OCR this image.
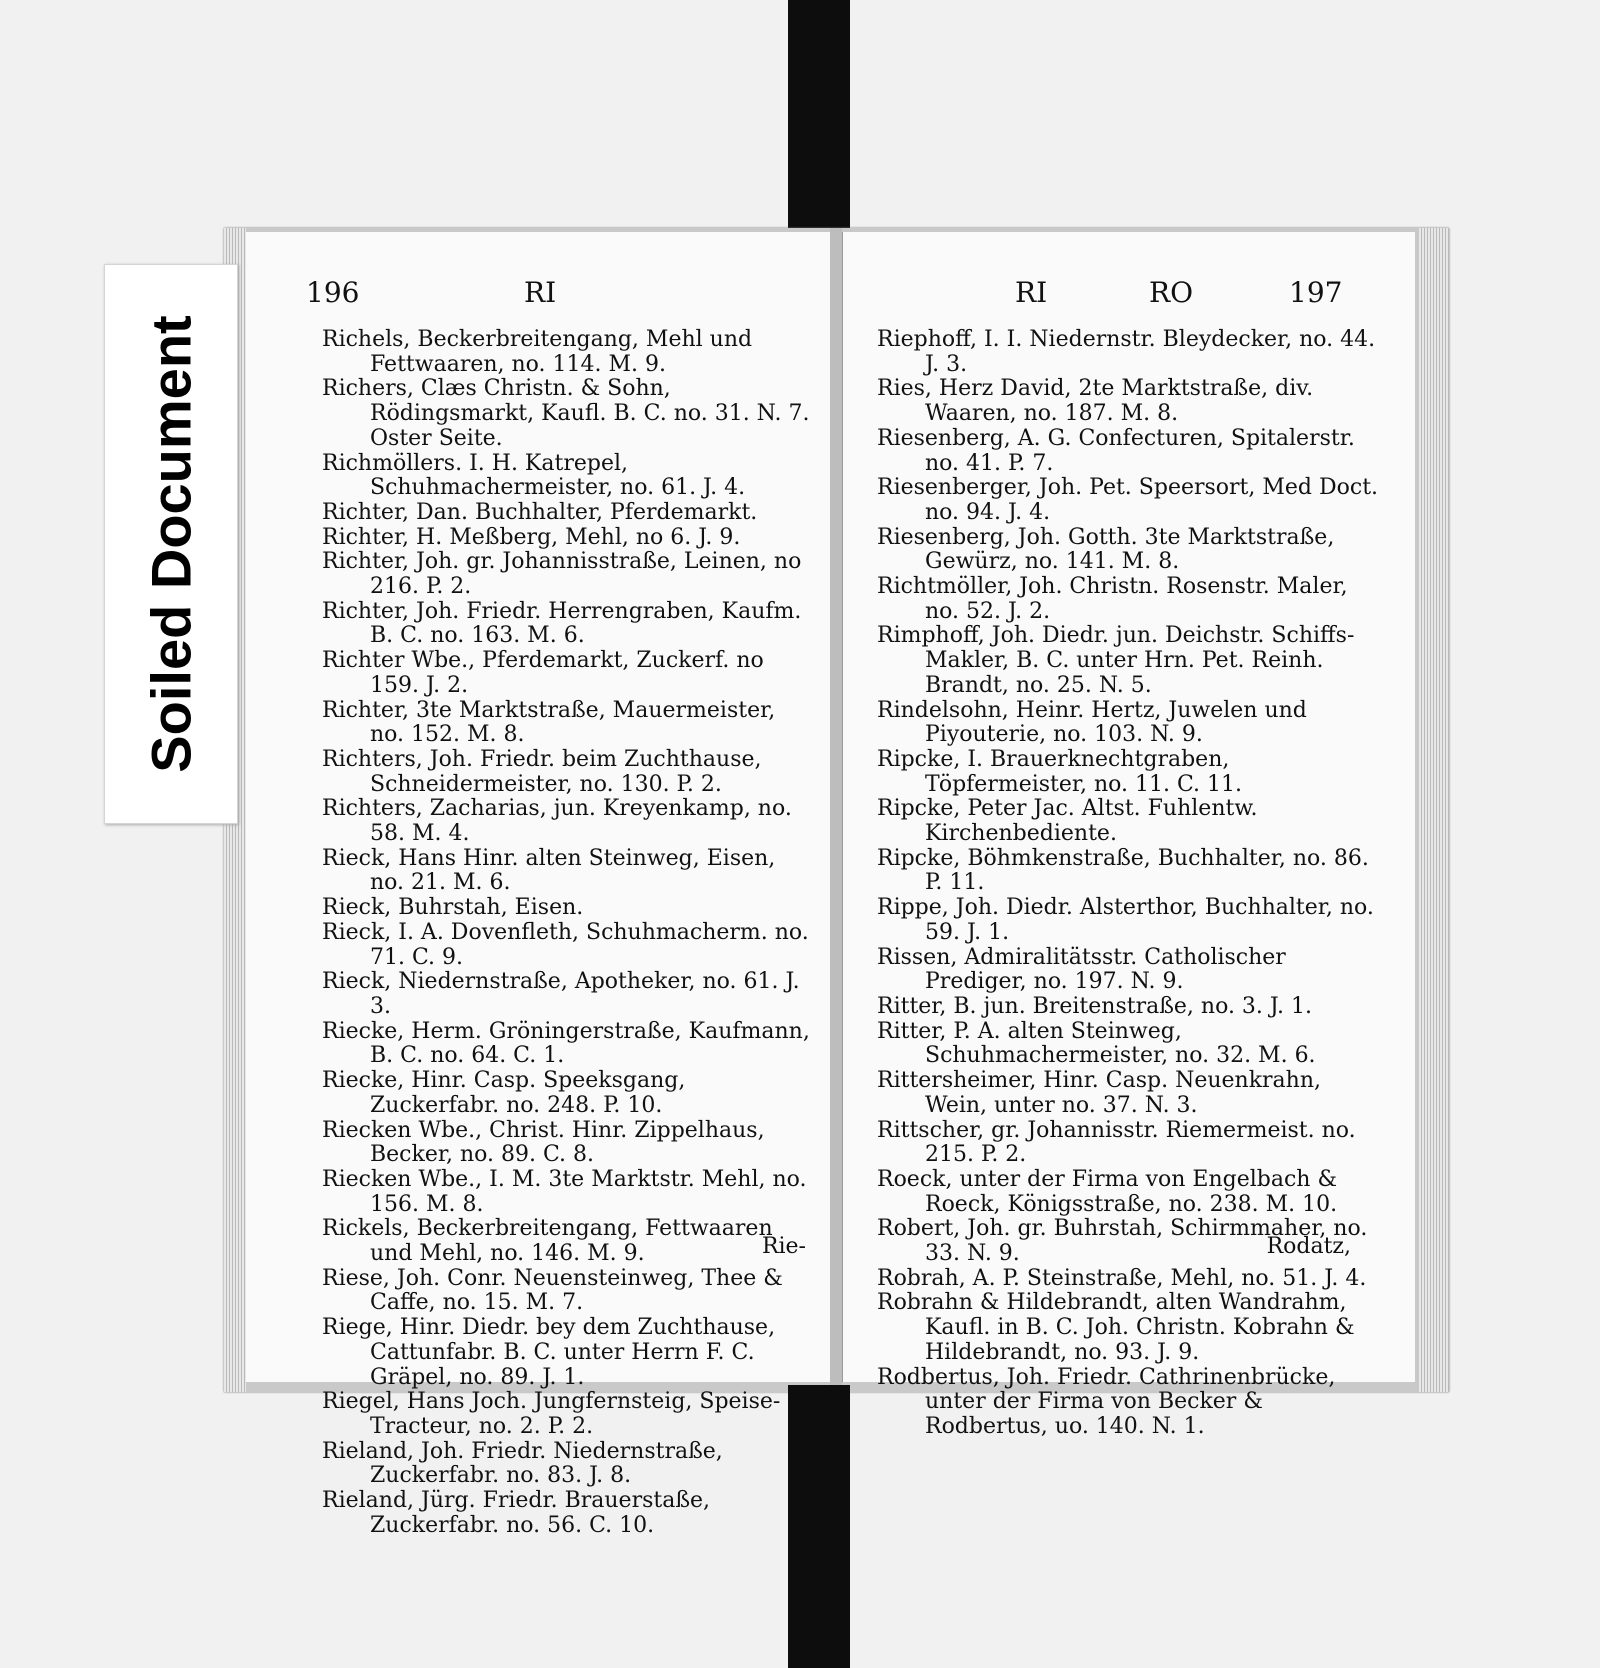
196	RI

Richels, Beckerbreitengang, Mehl und Fettwaaren, no. 114. M. 9.

Richers, Clæs Christn. & Sohn, Rödingsmarkt, Kaufl. B. C. no. 31. N. 7. Oster Seite.

Richmöllers. I. H. Katrepel, Schuhmachermeister, no. 61. J. 4.

Richter, Dan. Buchhalter, Pferdemarkt.

Richter, H. Meßberg, Mehl, no 6. J. 9.

Richter, Joh. gr. Johannisstraße, Leinen, no 216. P. 2.

Richter, Joh. Friedr. Herrengraben, Kaufm. B. C. no. 163. M. 6.

Richter Wbe., Pferdemarkt, Zuckerf. no 159. J. 2.

Richter, 3te Marktstraße, Mauermeister, no. 152. M. 8.

Richters, Joh. Friedr. beim Zuchthause, Schneidermeister, no. 130. P. 2.

Richters, Zacharias, jun. Kreyenkamp, no. 58. M. 4.

Rieck, Hans Hinr. alten Steinweg, Eisen, no. 21. M. 6.

Rieck, Buhrstah, Eisen.

Rieck, I. A. Dovenfleth, Schuhmacherm. no. 71. C. 9.

Rieck, Niedernstraße, Apotheker, no. 61. J. 3.

Riecke, Herm. Gröningerstraße, Kaufmann, B. C. no. 64. C. 1.

Riecke, Hinr. Casp. Speeksgang, Zuckerfabr. no. 248. P. 10.

Riecken Wbe., Christ. Hinr. Zippelhaus, Becker, no. 89. C. 8.

Riecken Wbe., I. M. 3te Marktstr. Mehl, no. 156. M. 8.

Rickels, Beckerbreitengang, Fettwaaren und Mehl, no. 146. M. 9.

Riese, Joh. Conr. Neuensteinweg, Thee & Caffe, no. 15. M. 7.

Riege, Hinr. Diedr. bey dem Zuchthause, Cattunfabr. B. C. unter Herrn F. C. Gräpel, no. 89. J. 1.

Riegel, Hans Joch. Jungfernsteig, Speise-Tracteur, no. 2. P. 2.

Rieland, Joh. Friedr. Niedernstraße, Zuckerfabr. no. 83. J. 8.

Rieland, Jürg. Friedr. Brauerstaße, Zuckerfabr. no. 56. C. 10.

Rie-
RI	RO	197

Riephoff, I. I. Niedernstr. Bleydecker, no. 44. J. 3.

Ries, Herz David, 2te Marktstraße, div. Waaren, no. 187. M. 8.

Riesenberg, A. G. Confecturen, Spitalerstr. no. 41. P. 7.

Riesenberger, Joh. Pet. Speersort, Med Doct. no. 94. J. 4.

Riesenberg, Joh. Gotth. 3te Marktstraße, Gewürz, no. 141. M. 8.

Richtmöller, Joh. Christn. Rosenstr. Maler, no. 52. J. 2.

Rimphoff, Joh. Diedr. jun. Deichstr. Schiffs-Makler, B. C. unter Hrn. Pet. Reinh. Brandt, no. 25. N. 5.

Rindelsohn, Heinr. Hertz, Juwelen und Piyouterie, no. 103. N. 9.

Ripcke, I. Brauerknechtgraben, Töpfermeister, no. 11. C. 11.

Ripcke, Peter Jac. Altst. Fuhlentw. Kirchenbediente.

Ripcke, Böhmkenstraße, Buchhalter, no. 86. P. 11.

Rippe, Joh. Diedr. Alsterthor, Buchhalter, no. 59. J. 1.

Rissen, Admiralitätsstr. Catholischer Prediger, no. 197. N. 9.

Ritter, B. jun. Breitenstraße, no. 3. J. 1.

Ritter, P. A. alten Steinweg, Schuhmachermeister, no. 32. M. 6.

Rittersheimer, Hinr. Casp. Neuenkrahn, Wein, unter no. 37. N. 3.

Rittscher, gr. Johannisstr. Riemermeist. no. 215. P. 2.

Roeck, unter der Firma von Engelbach & Roeck, Königsstraße, no. 238. M. 10.

Robert, Joh. gr. Buhrstah, Schirmmaher, no. 33. N. 9.

Robrah, A. P. Steinstraße, Mehl, no. 51. J. 4.

Robrahn & Hildebrandt, alten Wandrahm, Kaufl. in B. C. Joh. Christn. Kobrahn & Hildebrandt, no. 93. J. 9.

Rodbertus, Joh. Friedr. Cathrinenbrücke, unter der Firma von Becker & Rodbertus, uo. 140. N. 1.

Rodatz,
Soiled Document
